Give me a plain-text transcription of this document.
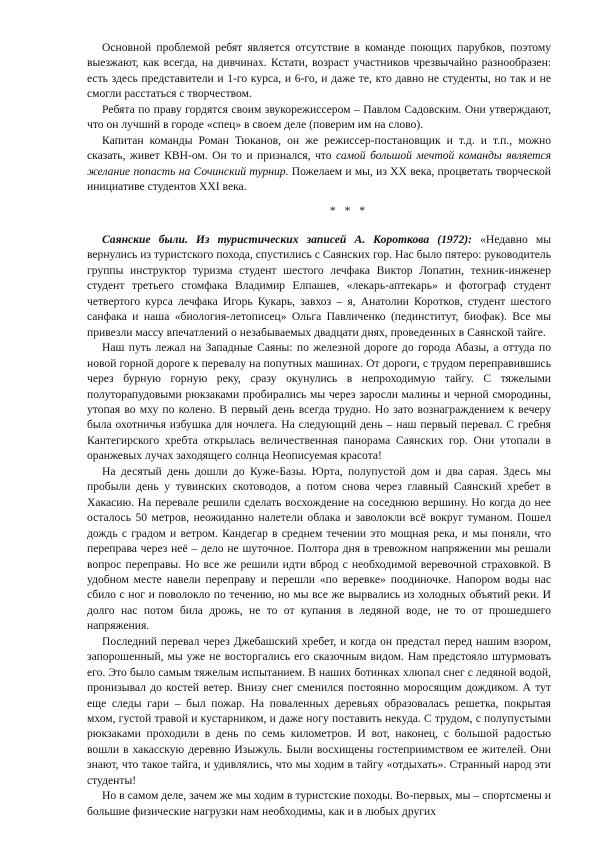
Основной проблемой ребят является отсутствие в команде поющих парубков, поэтому выезжают, как всегда, на дивчинах. Кстати, возраст участников чрезвычайно разнообразен: есть здесь представители и 1-го курса, и 6-го, и даже те, кто давно не студенты, но так и не смогли расстаться с творчеством.

Ребята по праву гордятся своим звукорежиссером – Павлом Садовским. Они утверждают, что он лучший в городе «спец» в своем деле (поверим им на слово).

Капитан команды Роман Тюканов, он же режиссер-постановщик и т.д. и т.п., можно сказать, живет КВН-ом. Он то и признался, что самой большой мечтой команды является желание попасть на Сочинский турнир. Пожелаем и мы, из XX века, процветать творческой инициативе студентов XXI века.

* * *

Саянские были. Из туристических записей А. Короткова (1972): «Недавно мы вернулись из туристского похода, спустились с Саянских гор. Нас было пятеро: руководитель группы инструктор туризма студент шестого лечфака Виктор Лопатин, техник-инженер студент третьего стомфака Владимир Елпашев, «лекарь-аптекарь» и фотограф студент четвертого курса лечфака Игорь Кукарь, завхоз – я, Анатолии Коротков, студент шестого санфака и наша «биология-летописец» Ольга Павличенко (пединститут, биофак). Все мы привезли массу впечатлений о незабываемых двадцати днях, проведенных в Саянской тайге.

Наш путь лежал на Западные Саяны: по железной дороге до города Абазы, а оттуда по новой горной дороге к перевалу на попутных машинах. От дороги, с трудом переправившись через бурную горную реку, сразу окунулись в непроходимую тайгу. С тяжелыми полуторапудовыми рюкзаками пробирались мы через заросли малины и черной смородины, утопая во мху по колено. В первый день всегда трудно. Но зато вознаграждением к вечеру была охотничья избушка для ночлега. На следующий день – наш первый перевал. С гребня Кантегирского хребта открылась величественная панорама Саянских гор. Они утопали в оранжевых лучах заходящего солнца Неописуемая красота!

На десятый день дошли до Куже-Базы. Юрта, полупустой дом и два сарая. Здесь мы пробыли день у тувинских скотоводов, а потом снова через главный Саянский хребет в Хакасию. На перевале решили сделать восхождение на соседнюю вершину. Но когда до нее осталось 50 метров, неожиданно налетели облака и заволокли всё вокруг туманом. Пошел дождь с градом и ветром. Кандегар в среднем течении это мощная река, и мы поняли, что переправа через неё – дело не шуточное. Полтора дня в тревожном напряжении мы решали вопрос переправы. Но все же решили идти вброд с необходимой веревочной страховкой. В удобном месте навели переправу и перешли «по веревке» поодиночке. Напором воды нас сбило с ног и поволокло по течению, но мы все же вырвались из холодных объятий реки. И долго нас потом била дрожь, не то от купания в ледяной воде, не то от прошедшего напряжения.

Последний перевал через Джебашский хребет, и когда он предстал перед нашим взором, запорошенный, мы уже не восторгались его сказочным видом. Нам предстояло штурмовать его. Это было самым тяжелым испытанием. В наших ботинках хлюпал снег с ледяной водой, пронизывал до костей ветер. Внизу снег сменился постоянно моросящим дождиком. А тут еще следы гари – был пожар. На поваленных деревьях образовалась решетка, покрытая мхом, густой травой и кустарником, и даже ногу поставить некуда. С трудом, с полупустыми рюкзаками проходили в день по семь километров. И вот, наконец, с большой радостью вошли в хакасскую деревню Изыжуль. Были восхищены гостеприимством ее жителей. Они знают, что такое тайга, и удивлялись, что мы ходим в тайгу «отдыхать». Странный народ эти студенты!

Но в самом деле, зачем же мы ходим в туристские походы. Во-первых, мы – спортсмены и большие физические нагрузки нам необходимы, как и в любых других
